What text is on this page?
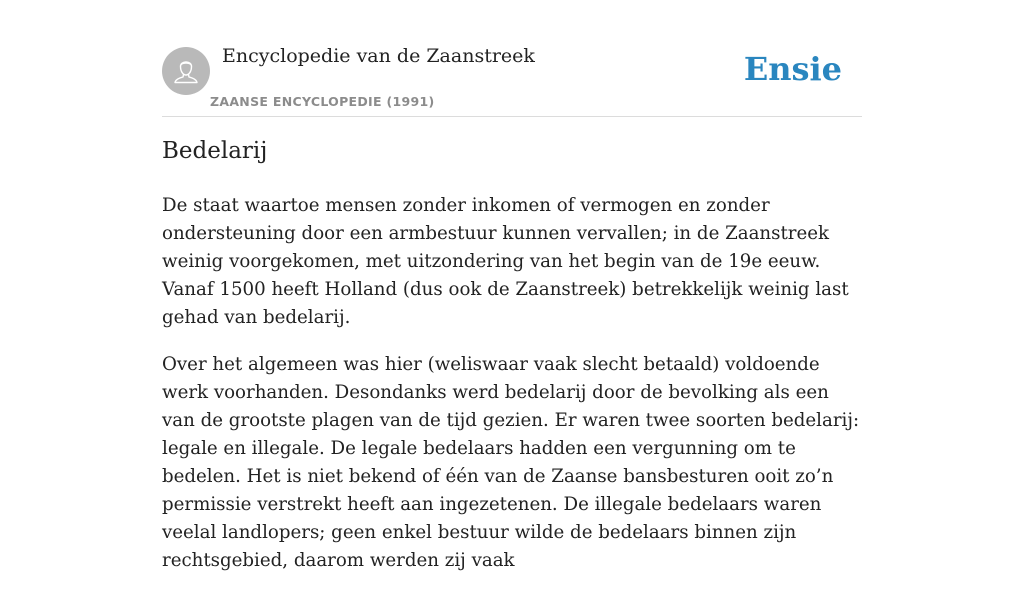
Encyclopedie van de Zaanstreek
ZAANSE ENCYCLOPEDIE (1991)
Ensie
Bedelarij

De staat waartoe mensen zonder inkomen of vermogen en zonder ondersteuning door een armbestuur kunnen vervallen; in de Zaanstreek weinig voorgekomen, met uitzondering van het begin van de 19e eeuw. Vanaf 1500 heeft Holland (dus ook de Zaanstreek) betrekkelijk weinig last gehad van bedelarij.

Over het algemeen was hier (weliswaar vaak slecht betaald) voldoende werk voorhanden. Desondanks werd bedelarij door de bevolking als een van de grootste plagen van de tijd gezien. Er waren twee soorten bedelarij: legale en illegale. De legale bedelaars hadden een vergunning om te bedelen. Het is niet bekend of één van de Zaanse bansbesturen ooit zo’n permissie verstrekt heeft aan ingezetenen. De illegale bedelaars waren veelal landlopers; geen enkel bestuur wilde de bedelaars binnen zijn rechtsgebied, daarom werden zij vaak
